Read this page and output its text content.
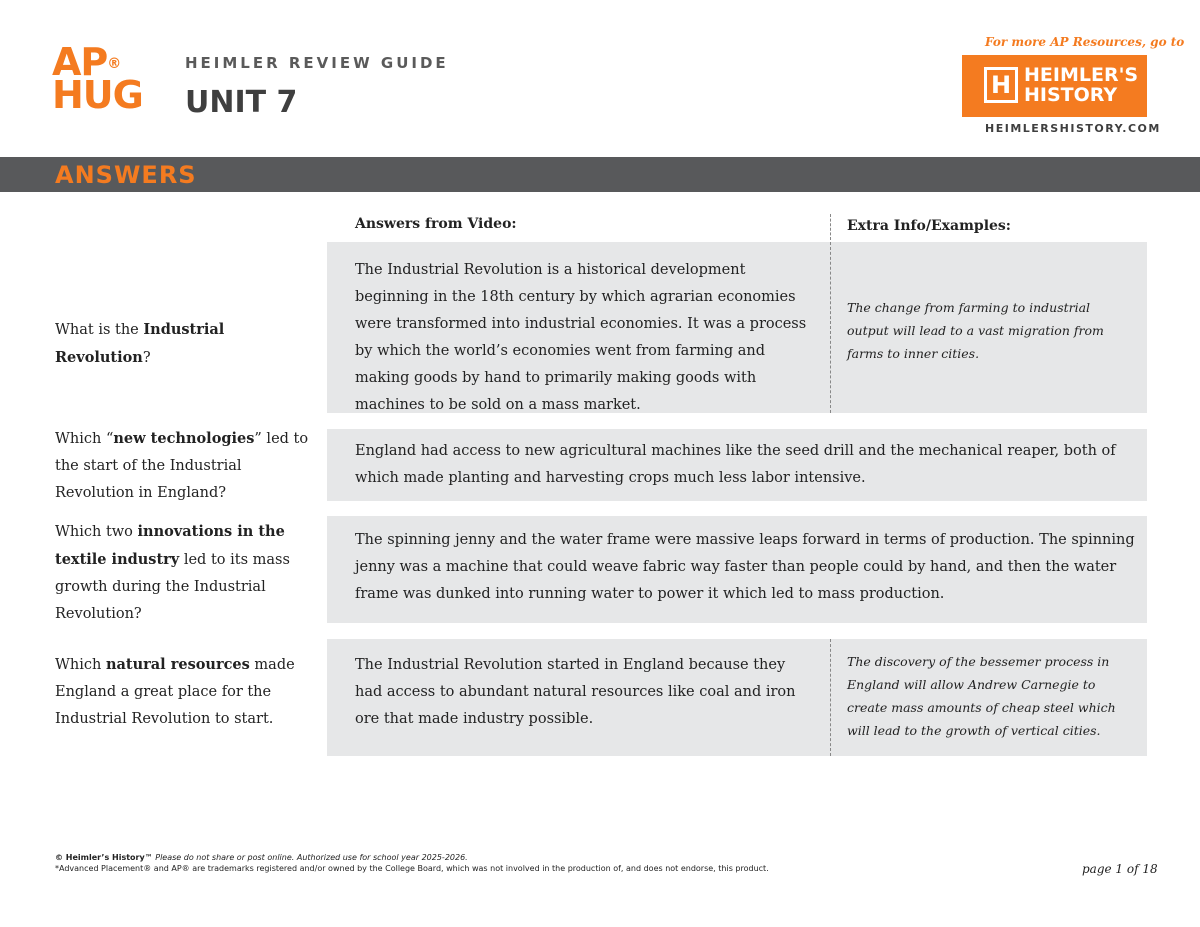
AP®
HUG
HEIMLER REVIEW GUIDE
UNIT 7
For more AP Resources, go to
H HEIMLER'S
HISTORY
HEIMLERSHISTORY.COM
ANSWERS
Answers from Video:	Extra Info/Examples:
What is the Industrial Revolution?
The Industrial Revolution is a historical development beginning in the 18th century by which agrarian economies were transformed into industrial economies. It was a process by which the world’s economies went from farming and making goods by hand to primarily making goods with machines to be sold on a mass market.
The change from farming to industrial output will lead to a vast migration from farms to inner cities.
Which “new technologies” led to the start of the Industrial Revolution in England?
England had access to new agricultural machines like the seed drill and the mechanical reaper, both of which made planting and harvesting crops much less labor intensive.
Which two innovations in the textile industry led to its mass growth during the Industrial Revolution?
The spinning jenny and the water frame were massive leaps forward in terms of production. The spinning jenny was a machine that could weave fabric way faster than people could by hand, and then the water frame was dunked into running water to power it which led to mass production.
Which natural resources made England a great place for the Industrial Revolution to start.
The Industrial Revolution started in England because they had access to abundant natural resources like coal and iron ore that made industry possible.
The discovery of the bessemer process in England will allow Andrew Carnegie to create mass amounts of cheap steel which will lead to the growth of vertical cities.
© Heimler’s History™ Please do not share or post online. Authorized use for school year 2025-2026.
*Advanced Placement® and AP® are trademarks registered and/or owned by the College Board, which was not involved in the production of, and does not endorse, this product.	page 1 of 18
